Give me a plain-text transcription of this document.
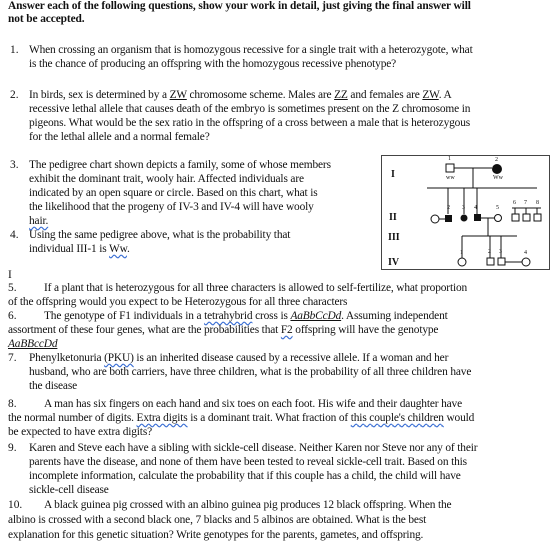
Answer each of the following questions, show your work in detail, just giving the final answer will
not be accepted.
1. When crossing an organism that is homozygous recessive for a single trait with a heterozygote, what
is the chance of producing an offspring with the homozygous recessive phenotype?
2. In birds, sex is determined by a ZW chromosome scheme. Males are ZZ and females are ZW. A
recessive lethal allele that causes death of the embryo is sometimes present on the Z chromosome in
pigeons. What would be the sex ratio in the offspring of a cross between a male that is heterozygous
for the lethal allele and a normal female?
3. The pedigree chart shown depicts a family, some of whose members
exhibit the dominant trait, wooly hair. Affected individuals are
indicated by an open square or circle. Based on this chart, what is
the likelihood that the progeny of IV-3 and IV-4 will have wooly
hair.
4. Using the same pedigree above, what is the probability that
individual III-1 is Ww.
I
II
III
IV
1	2
ww	Ww
2 3 4	5
6 7 8
1	2 3	4
I
5. If a plant that is heterozygous for all three characters is allowed to self-fertilize, what proportion
of the offspring would you expect to be Heterozygous for all three characters
6. The genotype of F1 individuals in a tetrahybrid cross is AaBbCcDd. Assuming independent
assortment of these four genes, what are the probabilities that F2 offspring will have the genotype
AaBBccDd
7. Phenylketonuria (PKU) is an inherited disease caused by a recessive allele. If a woman and her
husband, who are both carriers, have three children, what is the probability of all three children have
the disease
8. A man has six fingers on each hand and six toes on each foot. His wife and their daughter have
the normal number of digits. Extra digits is a dominant trait. What fraction of this couple's children would
be expected to have extra digits?
9. Karen and Steve each have a sibling with sickle-cell disease. Neither Karen nor Steve nor any of their
parents have the disease, and none of them have been tested to reveal sickle-cell trait. Based on this
incomplete information, calculate the probability that if this couple has a child, the child will have
sickle-cell disease
10. A black guinea pig crossed with an albino guinea pig produces 12 black offspring. When the
albino is crossed with a second black one, 7 blacks and 5 albinos are obtained. What is the best
explanation for this genetic situation? Write genotypes for the parents, gametes, and offspring.
